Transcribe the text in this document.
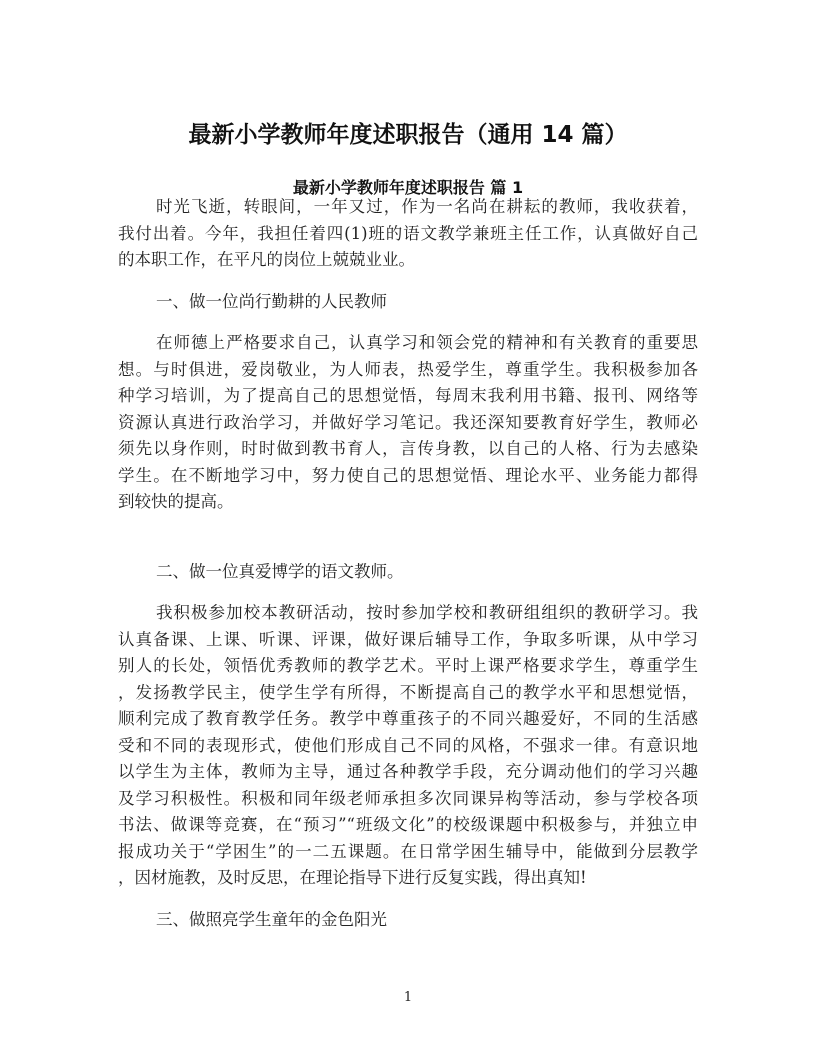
最新小学教师年度述职报告（通用 14 篇）
最新小学教师年度述职报告 篇 1
时光飞逝，转眼间，一年又过，作为一名尚在耕耘的教师，我收获着，
我付出着。今年，我担任着四(1)班的语文教学兼班主任工作，认真做好自己
的本职工作，在平凡的岗位上兢兢业业。
一、做一位尚行勤耕的人民教师
在师德上严格要求自己，认真学习和领会党的精神和有关教育的重要思
想。与时俱进，爱岗敬业，为人师表，热爱学生，尊重学生。我积极参加各
种学习培训，为了提高自己的思想觉悟，每周末我利用书籍、报刊、网络等
资源认真进行政治学习，并做好学习笔记。我还深知要教育好学生，教师必
须先以身作则，时时做到教书育人，言传身教，以自己的人格、行为去感染
学生。在不断地学习中，努力使自己的思想觉悟、理论水平、业务能力都得
到较快的提高。
二、做一位真爱博学的语文教师。
我积极参加校本教研活动，按时参加学校和教研组组织的教研学习。我
认真备课、上课、听课、评课，做好课后辅导工作，争取多听课，从中学习
别人的长处，领悟优秀教师的教学艺术。平时上课严格要求学生，尊重学生
，发扬教学民主，使学生学有所得，不断提高自己的教学水平和思想觉悟，
顺利完成了教育教学任务。教学中尊重孩子的不同兴趣爱好，不同的生活感
受和不同的表现形式，使他们形成自己不同的风格，不强求一律。有意识地
以学生为主体，教师为主导，通过各种教学手段，充分调动他们的学习兴趣
及学习积极性。积极和同年级老师承担多次同课异构等活动，参与学校各项
书法、做课等竞赛，在“预习”“班级文化”的校级课题中积极参与，并独立申
报成功关于“学困生”的一二五课题。在日常学困生辅导中，能做到分层教学
，因材施教，及时反思，在理论指导下进行反复实践，得出真知!
三、做照亮学生童年的金色阳光
1
